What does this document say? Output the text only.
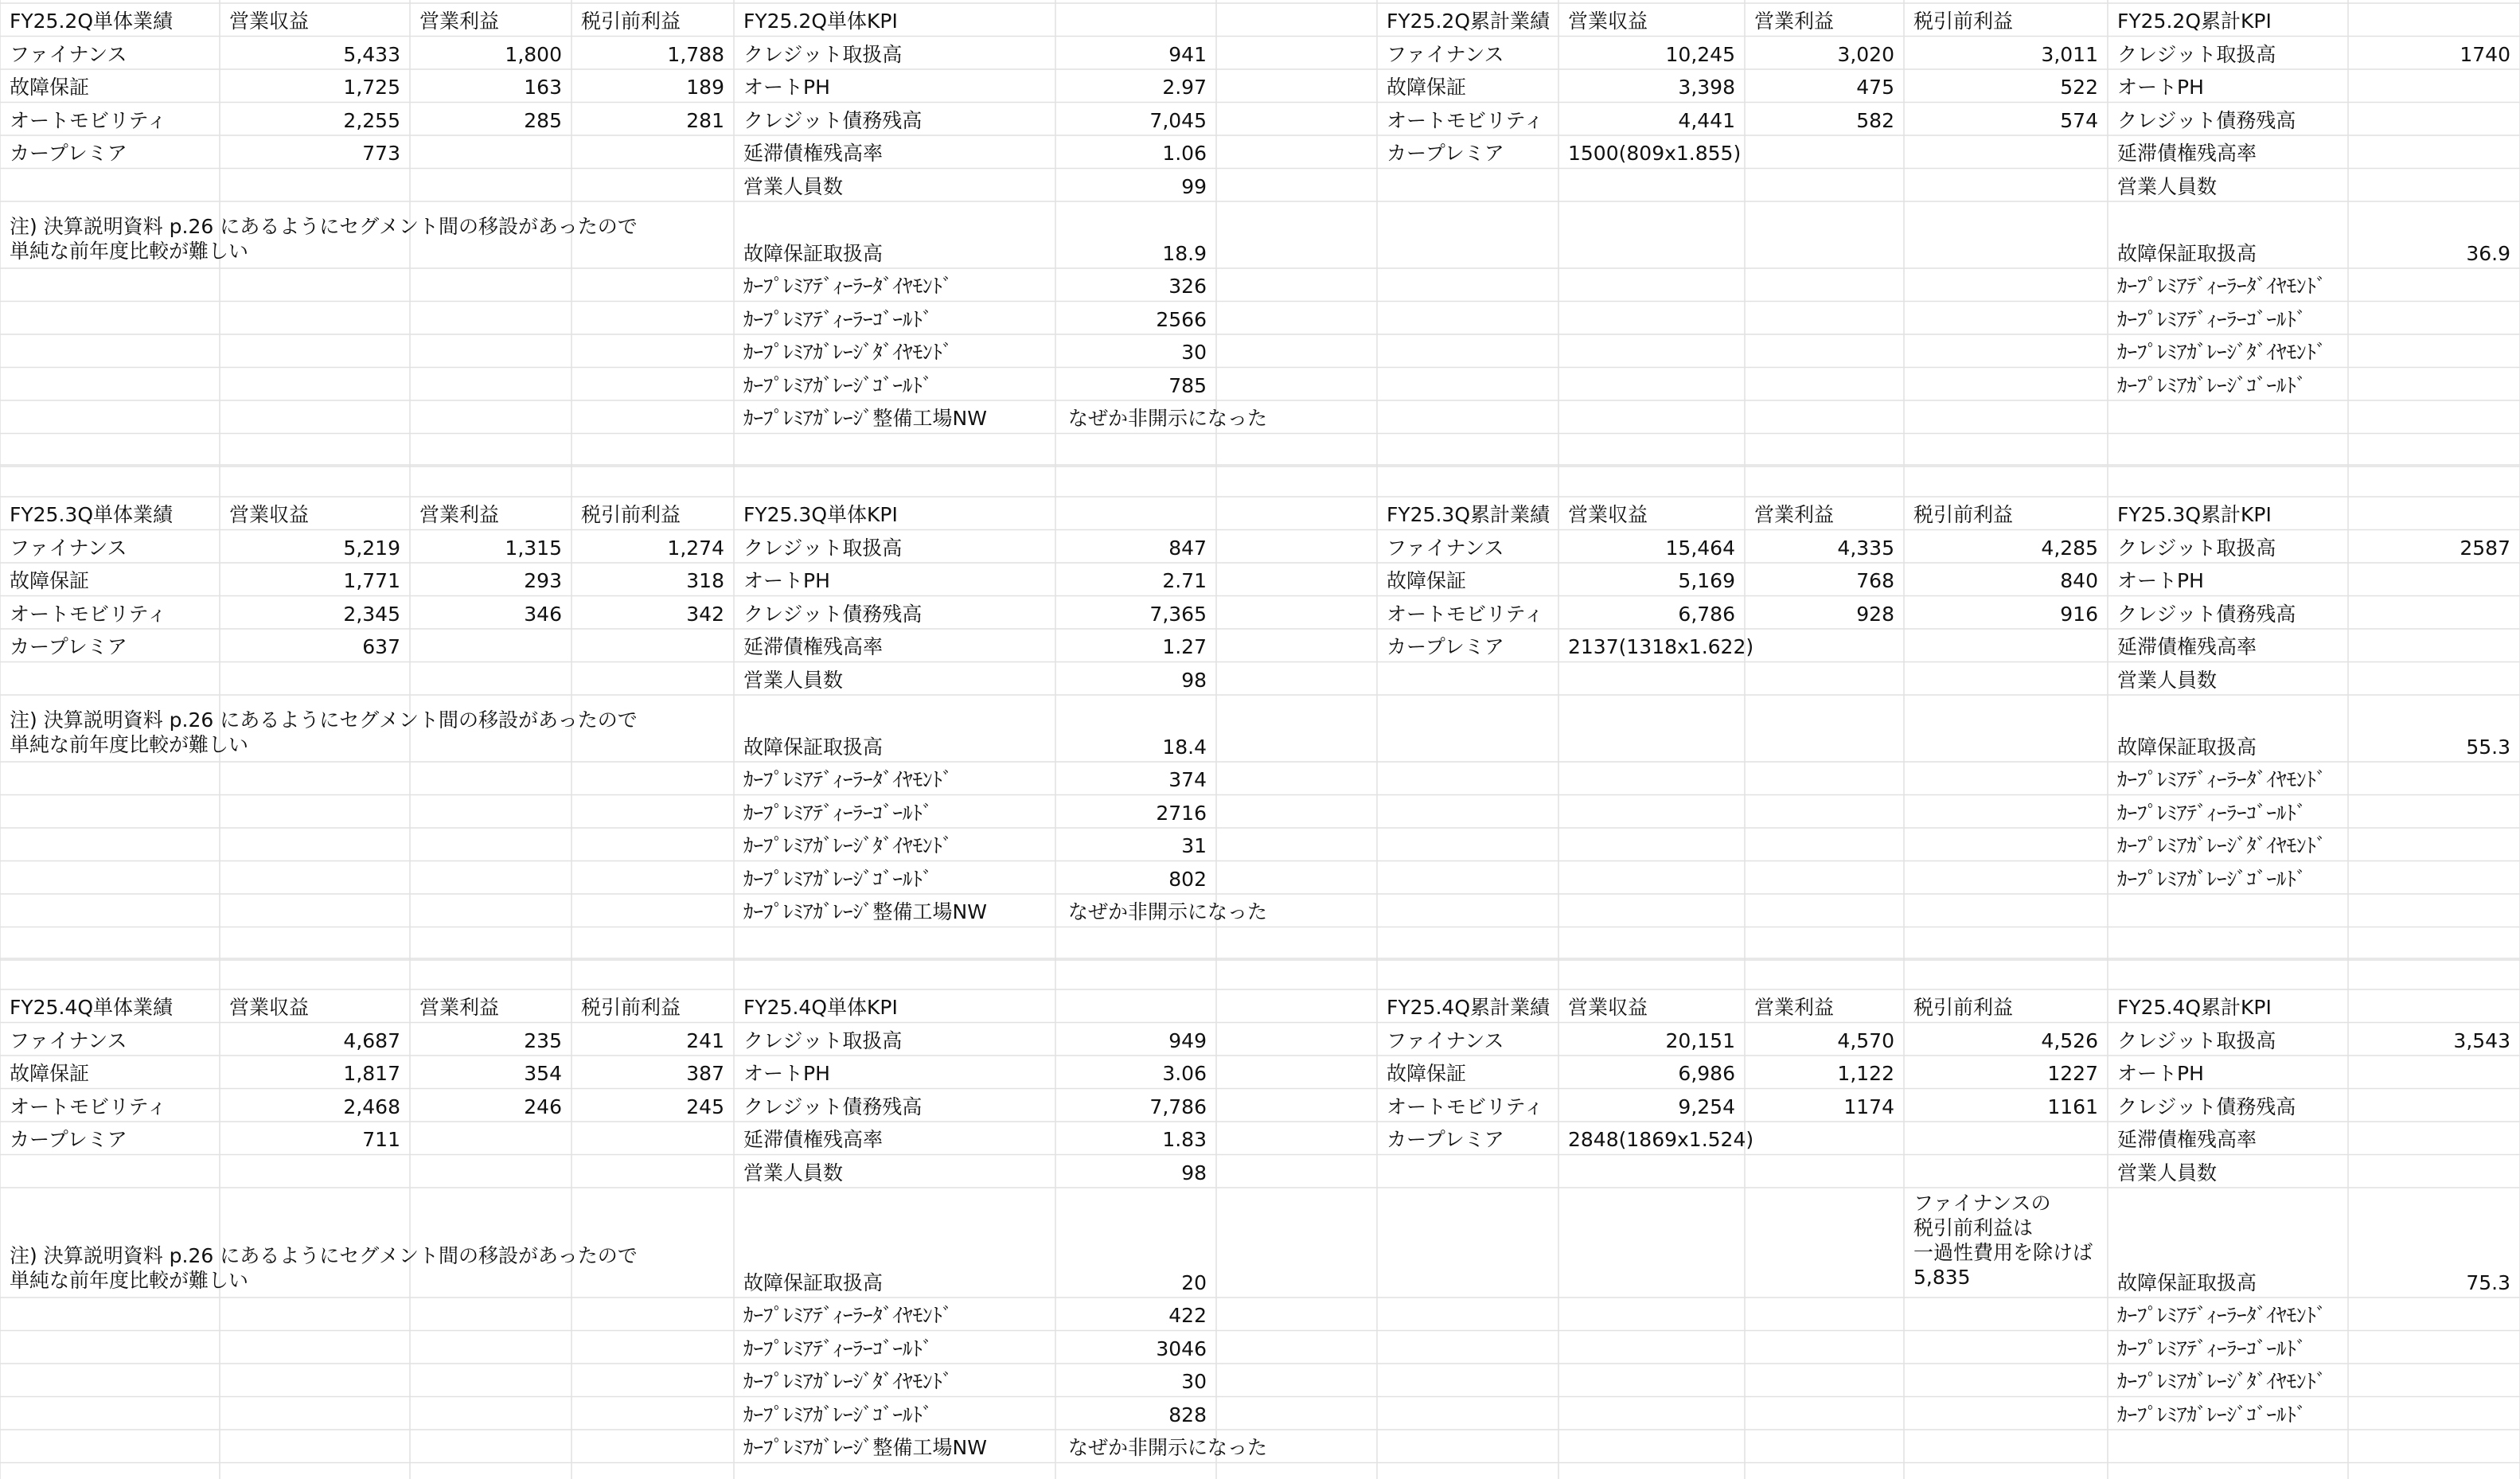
FY25.2Q単体業績	営業収益	営業利益	税引前利益
ファイナンス	5,433	1,800	1,788
故障保証	1,725	163	189
オートモビリティ	2,255	285	281
カープレミア	773
注) 決算説明資料 p.26 にあるようにセグメント間の移設があったので
単純な前年度比較が難しい
FY25.2Q単体KPI
クレジット取扱高	941
オートPH	2.97
クレジット債務残高	7,045
延滞債権残高率	1.06
営業人員数	99
故障保証取扱高	18.9
ｶｰﾌﾟﾚﾐｱﾃﾞｨｰﾗｰﾀﾞｲﾔﾓﾝﾄﾞ	326
ｶｰﾌﾟﾚﾐｱﾃﾞｨｰﾗｰｺﾞｰﾙﾄﾞ	2566
ｶｰﾌﾟﾚﾐｱｶﾞﾚｰｼﾞﾀﾞｲﾔﾓﾝﾄﾞ	30
ｶｰﾌﾟﾚﾐｱｶﾞﾚｰｼﾞｺﾞｰﾙﾄﾞ	785
ｶｰﾌﾟﾚﾐｱｶﾞﾚｰｼﾞ整備工場NW	なぜか非開示になった
FY25.2Q累計業績 営業収益	営業利益	税引前利益
ファイナンス	10,245	3,020	3,011
故障保証	3,398	475	522
オートモビリティ	4,441	582	574
カープレミア	1500(809x1.855)
FY25.2Q累計KPI
クレジット取扱高	1740
オートPH
クレジット債務残高
延滞債権残高率
営業人員数
故障保証取扱高	36.9
ｶｰﾌﾟﾚﾐｱﾃﾞｨｰﾗｰﾀﾞｲﾔﾓﾝﾄﾞ
ｶｰﾌﾟﾚﾐｱﾃﾞｨｰﾗｰｺﾞｰﾙﾄﾞ
ｶｰﾌﾟﾚﾐｱｶﾞﾚｰｼﾞﾀﾞｲﾔﾓﾝﾄﾞ
ｶｰﾌﾟﾚﾐｱｶﾞﾚｰｼﾞｺﾞｰﾙﾄﾞ
FY25.3Q単体業績	営業収益	営業利益	税引前利益
ファイナンス	5,219	1,315	1,274
故障保証	1,771	293	318
オートモビリティ	2,345	346	342
カープレミア	637
注) 決算説明資料 p.26 にあるようにセグメント間の移設があったので
単純な前年度比較が難しい
FY25.3Q単体KPI
クレジット取扱高	847
オートPH	2.71
クレジット債務残高	7,365
延滞債権残高率	1.27
営業人員数	98
故障保証取扱高	18.4
ｶｰﾌﾟﾚﾐｱﾃﾞｨｰﾗｰﾀﾞｲﾔﾓﾝﾄﾞ	374
ｶｰﾌﾟﾚﾐｱﾃﾞｨｰﾗｰｺﾞｰﾙﾄﾞ	2716
ｶｰﾌﾟﾚﾐｱｶﾞﾚｰｼﾞﾀﾞｲﾔﾓﾝﾄﾞ	31
ｶｰﾌﾟﾚﾐｱｶﾞﾚｰｼﾞｺﾞｰﾙﾄﾞ	802
ｶｰﾌﾟﾚﾐｱｶﾞﾚｰｼﾞ整備工場NW	なぜか非開示になった
FY25.3Q累計業績 営業収益	営業利益	税引前利益
ファイナンス	15,464	4,335	4,285
故障保証	5,169	768	840
オートモビリティ	6,786	928	916
カープレミア	2137(1318x1.622)
FY25.3Q累計KPI
クレジット取扱高	2587
オートPH
クレジット債務残高
延滞債権残高率
営業人員数
故障保証取扱高	55.3
ｶｰﾌﾟﾚﾐｱﾃﾞｨｰﾗｰﾀﾞｲﾔﾓﾝﾄﾞ
ｶｰﾌﾟﾚﾐｱﾃﾞｨｰﾗｰｺﾞｰﾙﾄﾞ
ｶｰﾌﾟﾚﾐｱｶﾞﾚｰｼﾞﾀﾞｲﾔﾓﾝﾄﾞ
ｶｰﾌﾟﾚﾐｱｶﾞﾚｰｼﾞｺﾞｰﾙﾄﾞ
FY25.4Q単体業績	営業収益	営業利益	税引前利益
ファイナンス	4,687	235	241
故障保証	1,817	354	387
オートモビリティ	2,468	246	245
カープレミア	711
注) 決算説明資料 p.26 にあるようにセグメント間の移設があったので
単純な前年度比較が難しい
FY25.4Q単体KPI
クレジット取扱高	949
オートPH	3.06
クレジット債務残高	7,786
延滞債権残高率	1.83
営業人員数	98
故障保証取扱高	20
ｶｰﾌﾟﾚﾐｱﾃﾞｨｰﾗｰﾀﾞｲﾔﾓﾝﾄﾞ	422
ｶｰﾌﾟﾚﾐｱﾃﾞｨｰﾗｰｺﾞｰﾙﾄﾞ	3046
ｶｰﾌﾟﾚﾐｱｶﾞﾚｰｼﾞﾀﾞｲﾔﾓﾝﾄﾞ	30
ｶｰﾌﾟﾚﾐｱｶﾞﾚｰｼﾞｺﾞｰﾙﾄﾞ	828
ｶｰﾌﾟﾚﾐｱｶﾞﾚｰｼﾞ整備工場NW	なぜか非開示になった
FY25.4Q累計業績 営業収益	営業利益	税引前利益
ファイナンス	20,151	4,570	4,526
故障保証	6,986	1,122	1227
オートモビリティ	9,254	1174	1161
カープレミア	2848(1869x1.524)
ファイナンスの
税引前利益は
一過性費用を除けば
5,835
FY25.4Q累計KPI
クレジット取扱高	3,543
オートPH
クレジット債務残高
延滞債権残高率
営業人員数
故障保証取扱高	75.3
ｶｰﾌﾟﾚﾐｱﾃﾞｨｰﾗｰﾀﾞｲﾔﾓﾝﾄﾞ
ｶｰﾌﾟﾚﾐｱﾃﾞｨｰﾗｰｺﾞｰﾙﾄﾞ
ｶｰﾌﾟﾚﾐｱｶﾞﾚｰｼﾞﾀﾞｲﾔﾓﾝﾄﾞ
ｶｰﾌﾟﾚﾐｱｶﾞﾚｰｼﾞｺﾞｰﾙﾄﾞ
